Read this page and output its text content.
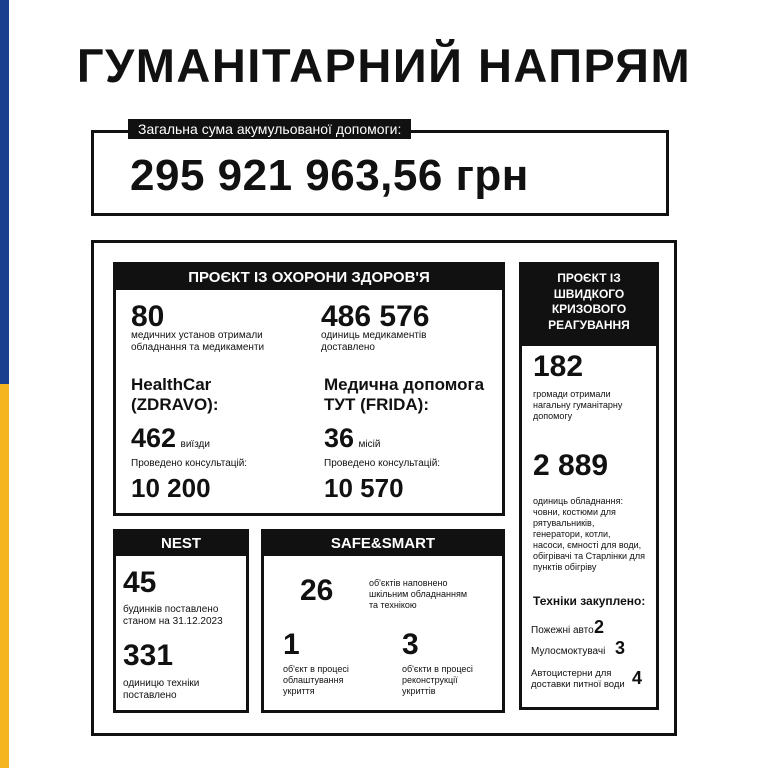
ГУМАНІТАРНИЙ НАПРЯМ
Загальна сума акумульованої допомоги:
295 921 963,56 грн
ПРОЄКТ ІЗ ОХОРОНИ ЗДОРОВ'Я
80
медичних установ отримали
обладнання та медикаменти
486 576
одиниць медикаментів
доставлено
HealthCar
(ZDRAVO):
462 виїзди
Проведено консультацій:
10 200
Медична допомога
ТУТ (FRIDA):
36 місій
Проведено консультацій:
10 570
ПРОЄКТ ІЗ
ШВИДКОГО
КРИЗОВОГО
РЕАГУВАННЯ
182
громади отримали
нагальну гуманітарну
допомогу
2 889
одиниць обладнання:
човни, костюми для
рятувальників,
генератори, котли,
насоси, ємності для води,
обігрівачі та Старлінки для
пунктів обігріву
Техніки закуплено:
Пожежні авто 2
Мулосмоктувачі 3
Автоцистерни для
доставки питної води 4
NEST
45
будинків поставлено
станом на 31.12.2023
331
одиницю техніки
поставлено
SAFE&SMART
26	об'єктів наповнено
шкільним обладнанням
та технікою
1
об'єкт в процесі
облаштування
укриття
3
об'єкти в процесі
реконструкції
укриттів
